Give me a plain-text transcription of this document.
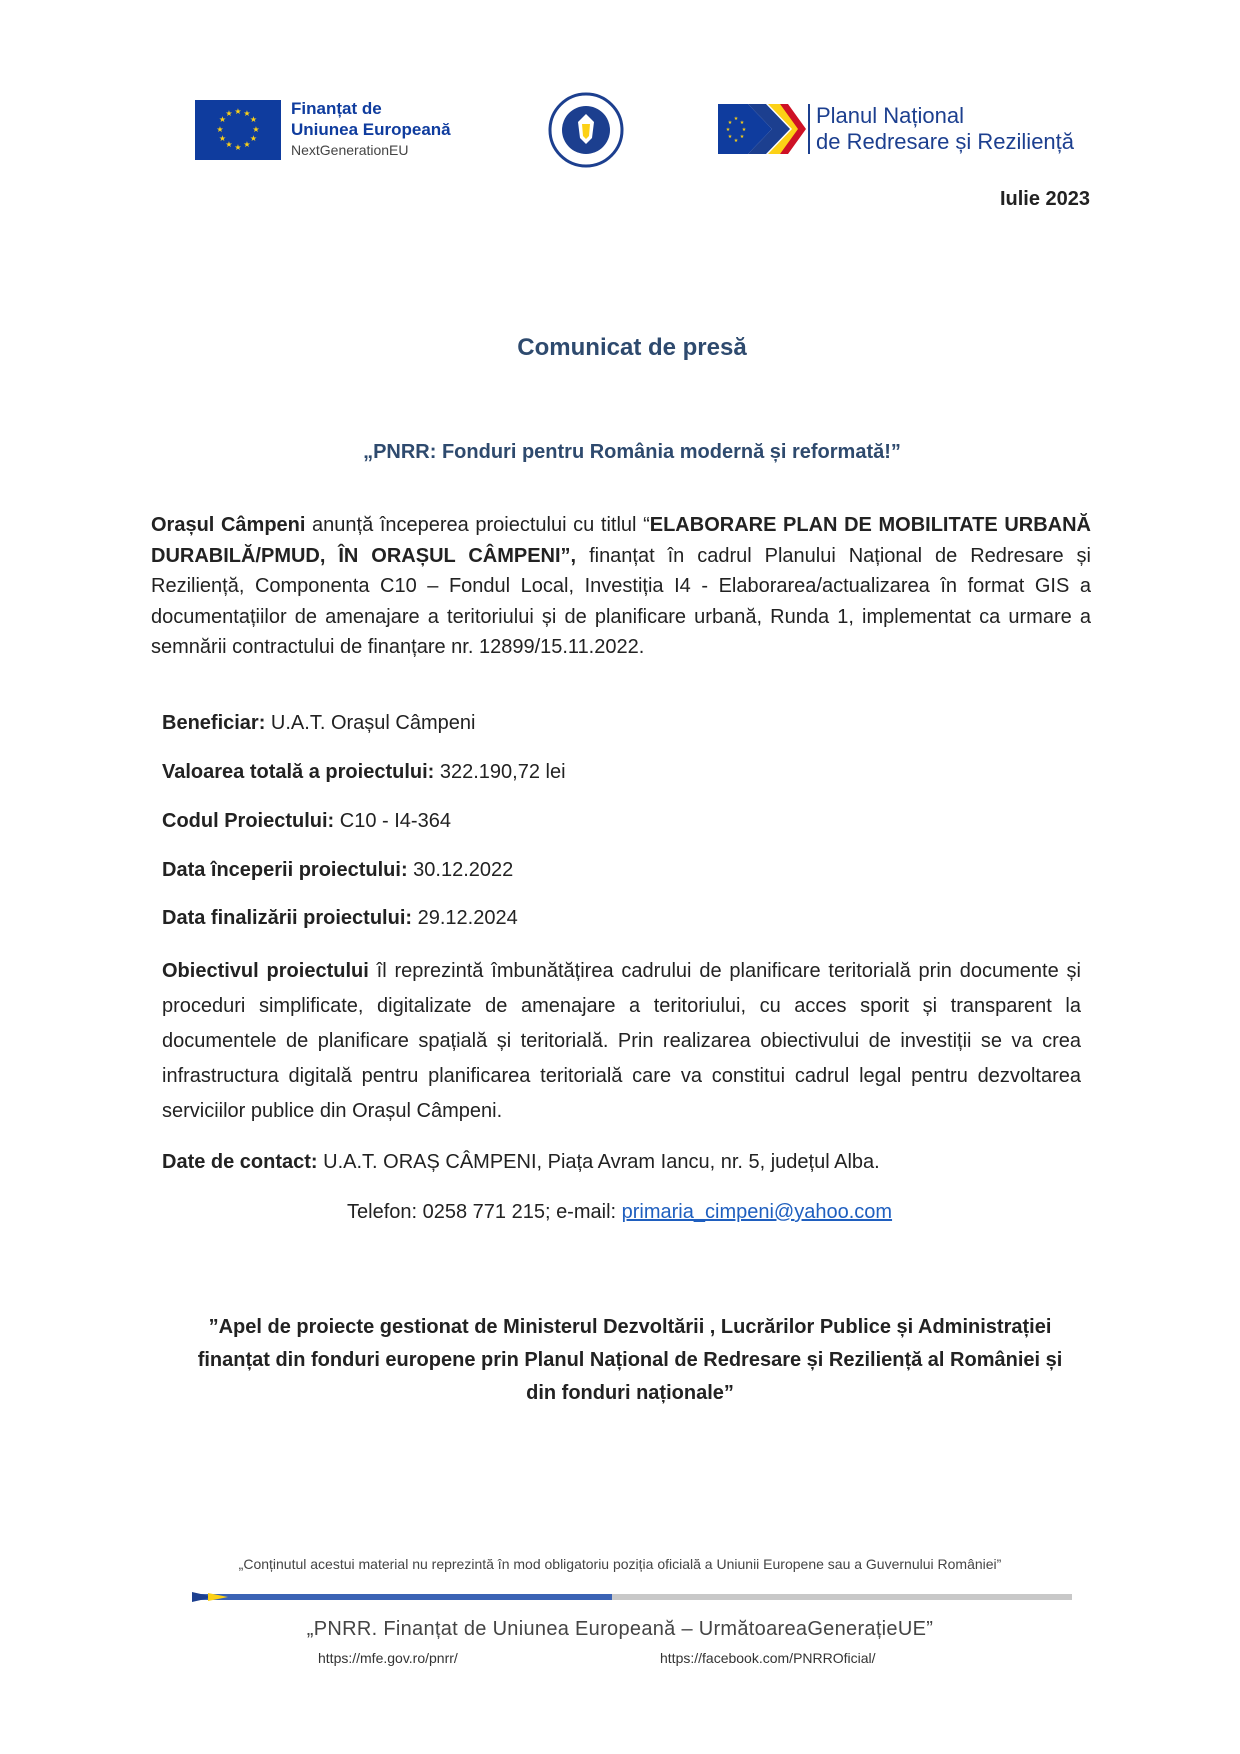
★ ★
★
★
★
★
★
★
★
★
★
★	Finanțat de
Uniunea Europeană
NextGenerationEU
★
★
★
★
★
★
★
★	Planul Național
de Redresare și Reziliență
Iulie 2023
Comunicat de presă
„PNRR: Fonduri pentru România modernă și reformată!”
Orașul Câmpeni anunță începerea proiectului cu titlul “ELABORARE PLAN DE MOBILITATE URBANĂ DURABILĂ/PMUD, ÎN ORAȘUL CÂMPENI”, finanțat în cadrul Planului Național de Redresare și Reziliență, Componenta C10 – Fondul Local, Investiția I4 - Elaborarea/actualizarea în format GIS a documentațiilor de amenajare a teritoriului și de planificare urbană, Runda 1, implementat ca urmare a semnării contractului de finanțare nr. 12899/15.11.2022.
Beneficiar: U.A.T. Orașul Câmpeni
Valoarea totală a proiectului: 322.190,72 lei
Codul Proiectului: C10 - I4-364
Data începerii proiectului: 30.12.2022
Data finalizării proiectului: 29.12.2024
Obiectivul proiectului îl reprezintă îmbunătățirea cadrului de planificare teritorială prin documente și proceduri simplificate, digitalizate de amenajare a teritoriului, cu acces sporit și transparent la documentele de planificare spațială și teritorială. Prin realizarea obiectivului de investiții se va crea infrastructura digitală pentru planificarea teritorială care va constitui cadrul legal pentru dezvoltarea serviciilor publice din Orașul Câmpeni.
Date de contact: U.A.T. ORAȘ CÂMPENI, Piața Avram Iancu, nr. 5, județul Alba.
Telefon: 0258 771 215; e-mail: primaria_cimpeni@yahoo.com
”Apel de proiecte gestionat de Ministerul Dezvoltării , Lucrărilor Publice și Administrației finanțat din fonduri europene prin Planul Național de Redresare și Reziliență al României și din fonduri naționale”
„Conținutul acestui material nu reprezintă în mod obligatoriu poziția oficială a Uniunii Europene sau a Guvernului României”
„PNRR. Finanțat de Uniunea Europeană – UrmătoareaGenerațieUE”
https://mfe.gov.ro/pnrr/	https://facebook.com/PNRROficial/
